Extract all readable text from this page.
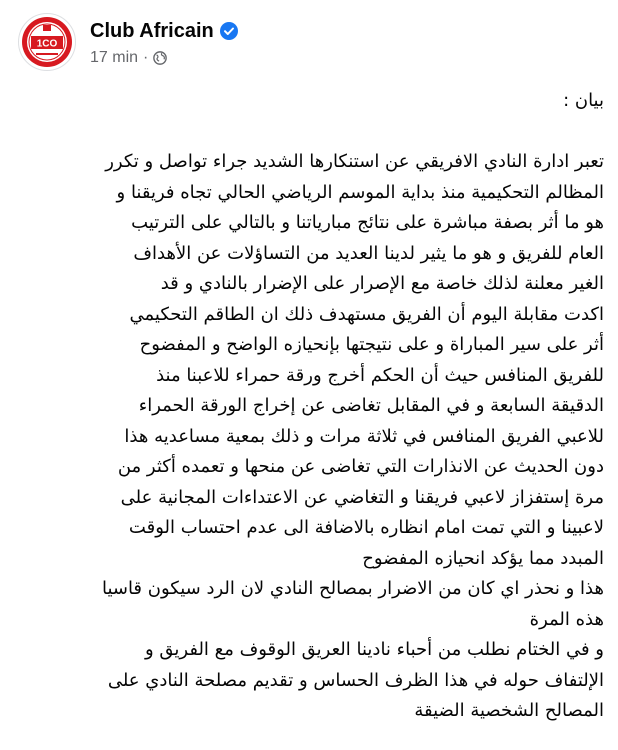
1CO
Club Africain
17 min ·
بيان :
تعبر ادارة النادي الافريقي عن استنكارها الشديد جراء تواصل و تكرر
المظالم التحكيمية منذ بداية الموسم الرياضي الحالي تجاه فريقنا و
هو ما أثر بصفة مباشرة على نتائج مبارياتنا و بالتالي على الترتيب
العام للفريق و هو ما يثير لدينا العديد من التساؤلات عن الأهداف
الغير معلنة لذلك خاصة مع الإصرار على الإضرار بالنادي و قد
اكدت مقابلة اليوم أن الفريق مستهدف ذلك ان الطاقم التحكيمي
أثر على سير المباراة و على نتيجتها بإنحيازه الواضح و المفضوح
للفريق المنافس حيث أن الحكم أخرج ورقة حمراء للاعبنا منذ
الدقيقة السابعة و في المقابل تغاضى عن إخراج الورقة الحمراء
للاعبي الفريق المنافس في ثلاثة مرات و ذلك بمعية مساعديه هذا
دون الحديث عن الانذارات التي تغاضى عن منحها و تعمده أكثر من
مرة إستفزاز لاعبي فريقنا و التغاضي عن الاعتداءات المجانية على
لاعبينا و التي تمت امام انظاره بالاضافة الى عدم احتساب الوقت
المبدد مما يؤكد انحيازه المفضوح
هذا و نحذر اي كان من الاضرار بمصالح النادي لان الرد سيكون قاسيا
هذه المرة
و في الختام نطلب من أحباء نادينا العريق الوقوف مع الفريق و
الإلتفاف حوله في هذا الظرف الحساس و تقديم مصلحة النادي على
المصالح الشخصية الضيقة
